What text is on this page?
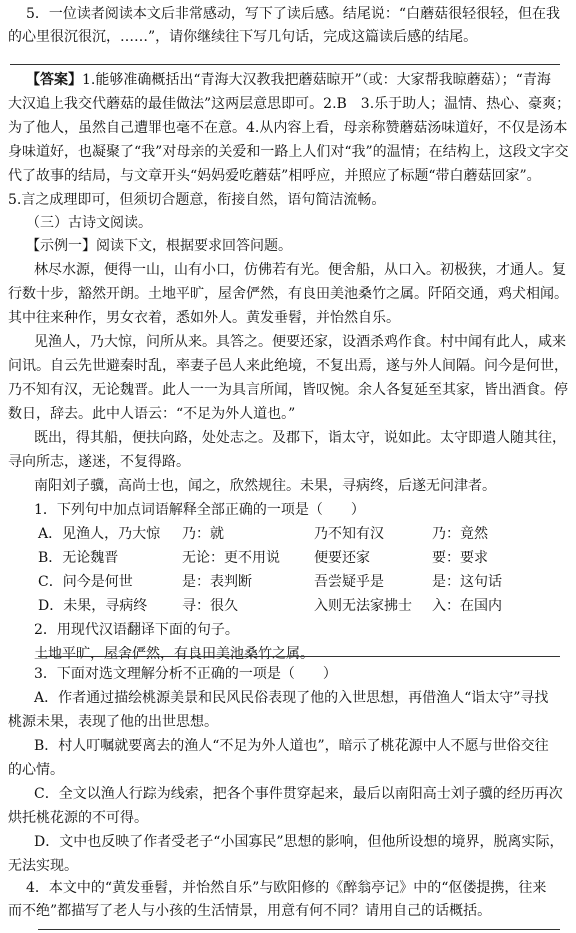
5．一位读者阅读本文后非常感动，写下了读后感。结尾说：“白蘑菇很轻很轻，但在我
的心里很沉很沉，……”，请你继续往下写几句话，完成这篇读后感的结尾。
【答案】1.能够准确概括出“青海大汉教我把蘑菇晾开”（或：大家帮我晾蘑菇）；“青海
大汉追上我交代蘑菇的最佳做法”这两层意思即可。2.B　3.乐于助人；温情、热心、豪爽；
为了他人，虽然自己遭罪也毫不在意。4.从内容上看，母亲称赞蘑菇汤味道好，不仅是汤本
身味道好，也凝聚了“我”对母亲的关爱和一路上人们对“我”的温情；在结构上，这段文字交
代了故事的结局，与文章开头“妈妈爱吃蘑菇”相呼应，并照应了标题“带白蘑菇回家”。
5.言之成理即可，但须切合题意，衔接自然，语句简洁流畅。
（三）古诗文阅读。
【示例一】阅读下文，根据要求回答问题。
林尽水源，便得一山，山有小口，仿佛若有光。便舍船，从口入。初极狭，才通人。复
行数十步，豁然开朗。土地平旷，屋舍俨然，有良田美池桑竹之属。阡陌交通，鸡犬相闻。
其中往来种作，男女衣着，悉如外人。黄发垂髫，并怡然自乐。
见渔人，乃大惊，问所从来。具答之。便要还家，设酒杀鸡作食。村中闻有此人，咸来
问讯。自云先世避秦时乱，率妻子邑人来此绝境，不复出焉，遂与外人间隔。问今是何世，
乃不知有汉，无论魏晋。此人一一为具言所闻，皆叹惋。余人各复延至其家，皆出酒食。停
数日，辞去。此中人语云：“不足为外人道也。”
既出，得其船，便扶向路，处处志之。及郡下，诣太守，说如此。太守即遣人随其往，
寻向所志，遂迷，不复得路。
南阳刘子骥，高尚士也，闻之，欣然规往。未果，寻病终，后遂无问津者。
1．下列句中加点词语解释全部正确的一项是（　　）
A．见渔人，乃大惊 乃：就	乃不知有汉	乃：竟然
B．无论魏晋	无论：更不用说 便要还家	要：要求
C．问今是何世	是：表判断	吾尝疑乎是	是：这句话
D．未果，寻病终 寻：很久	入则无法家拂士 入：在国内
2．用现代汉语翻译下面的句子。
土地平旷，屋舍俨然，有良田美池桑竹之属。
3．下面对选文理解分析不正确的一项是（　　）
A．作者通过描绘桃源美景和民风民俗表现了他的入世思想，再借渔人“诣太守”寻找
桃源未果，表现了他的出世思想。
B．村人叮嘱就要离去的渔人“不足为外人道也”，暗示了桃花源中人不愿与世俗交往
的心情。
C．全文以渔人行踪为线索，把各个事件贯穿起来，最后以南阳高士刘子骥的经历再次
烘托桃花源的不可得。
D．文中也反映了作者受老子“小国寡民”思想的影响，但他所设想的境界，脱离实际，
无法实现。
4．本文中的“黄发垂髫，并怡然自乐”与欧阳修的《醉翁亭记》中的“伛偻提携，往来
而不绝”都描写了老人与小孩的生活情景，用意有何不同？请用自己的话概括。
